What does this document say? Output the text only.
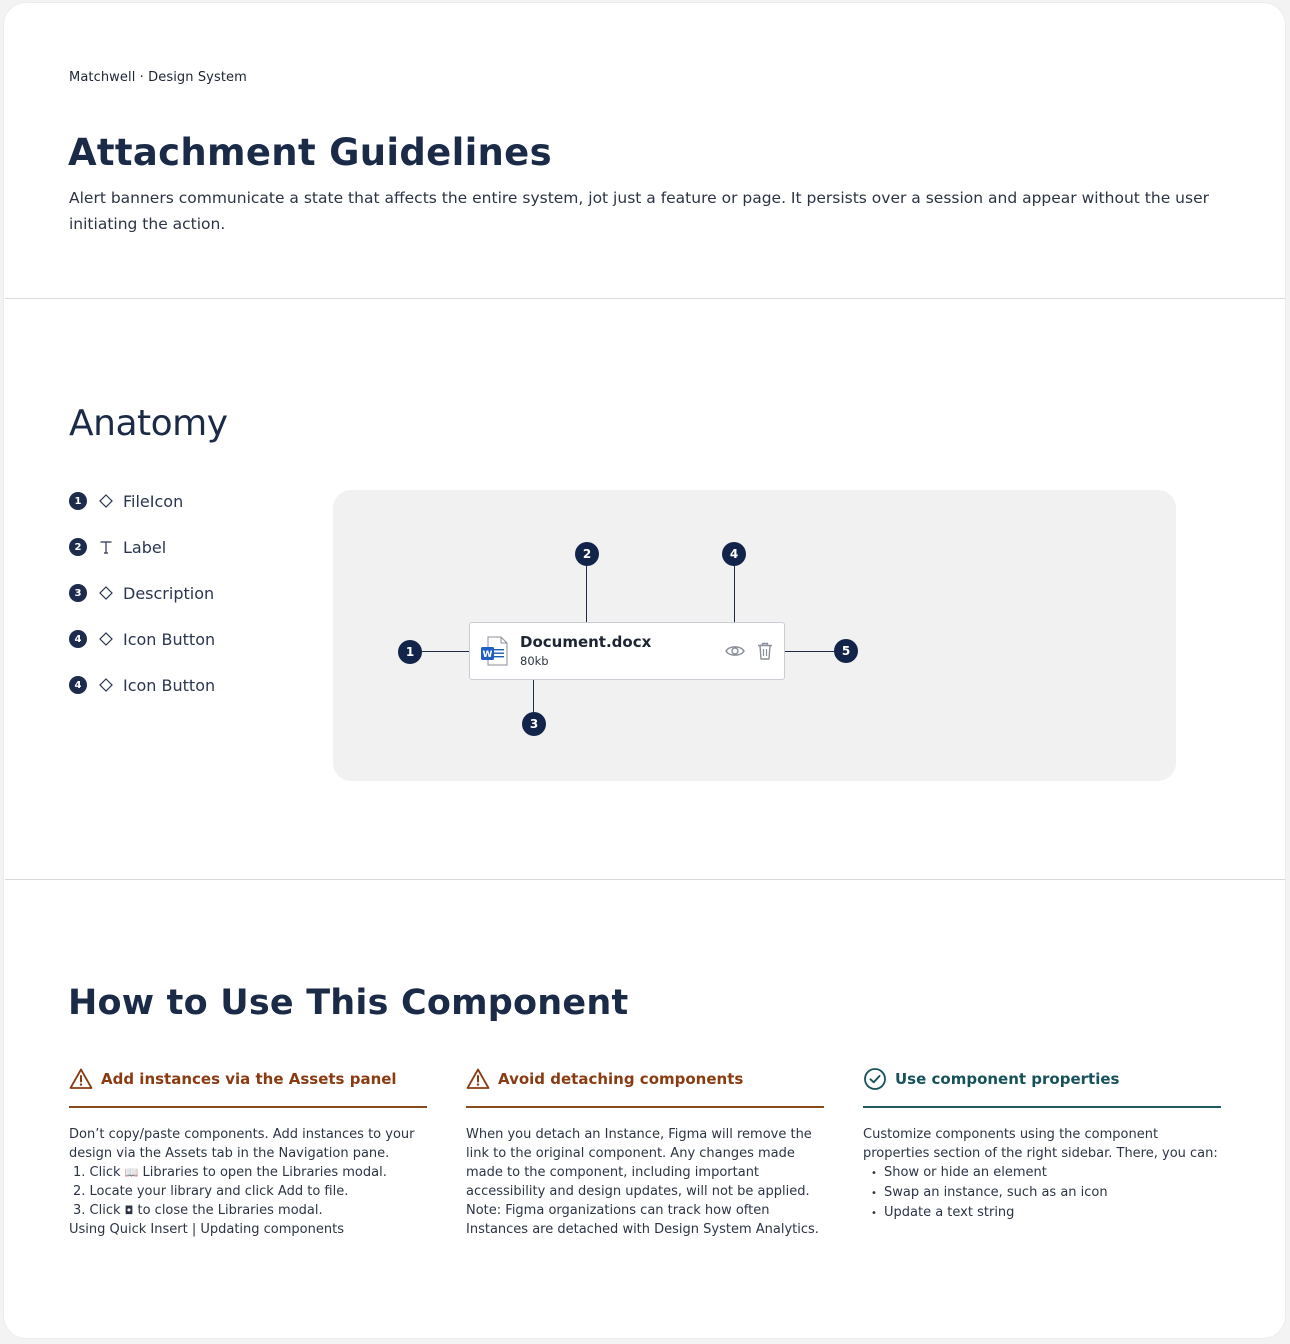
Matchwell · Design System
Attachment Guidelines

Alert banners communicate a state that affects the entire system, jot just a feature or page. It persists over a session and appear without the user initiating the action.

Anatomy
1	FileIcon
2	Label
3	Description
4	Icon Button
4	Icon Button
W
Document.docx
80kb
1
2
3
4
5
How to Use This Component
Add instances via the Assets panel

Don’t copy/paste components. Add instances to your design via the Assets tab in the Navigation pane.

1. Click 📖 Libraries to open the Libraries modal.
2. Locate your library and click Add to file.
3. Click ◘ to close the Libraries modal.

Using Quick Insert | Updating components

Avoid detaching components

When you detach an Instance, Figma will remove the link to the original component. Any changes made made to the component, including important accessibility and design updates, will not be applied. Note: Figma organizations can track how often Instances are detached with Design System Analytics.

Use component properties

Customize components using the component properties section of the right sidebar. There, you can:

• Show or hide an element
• Swap an instance, such as an icon
• Update a text string
